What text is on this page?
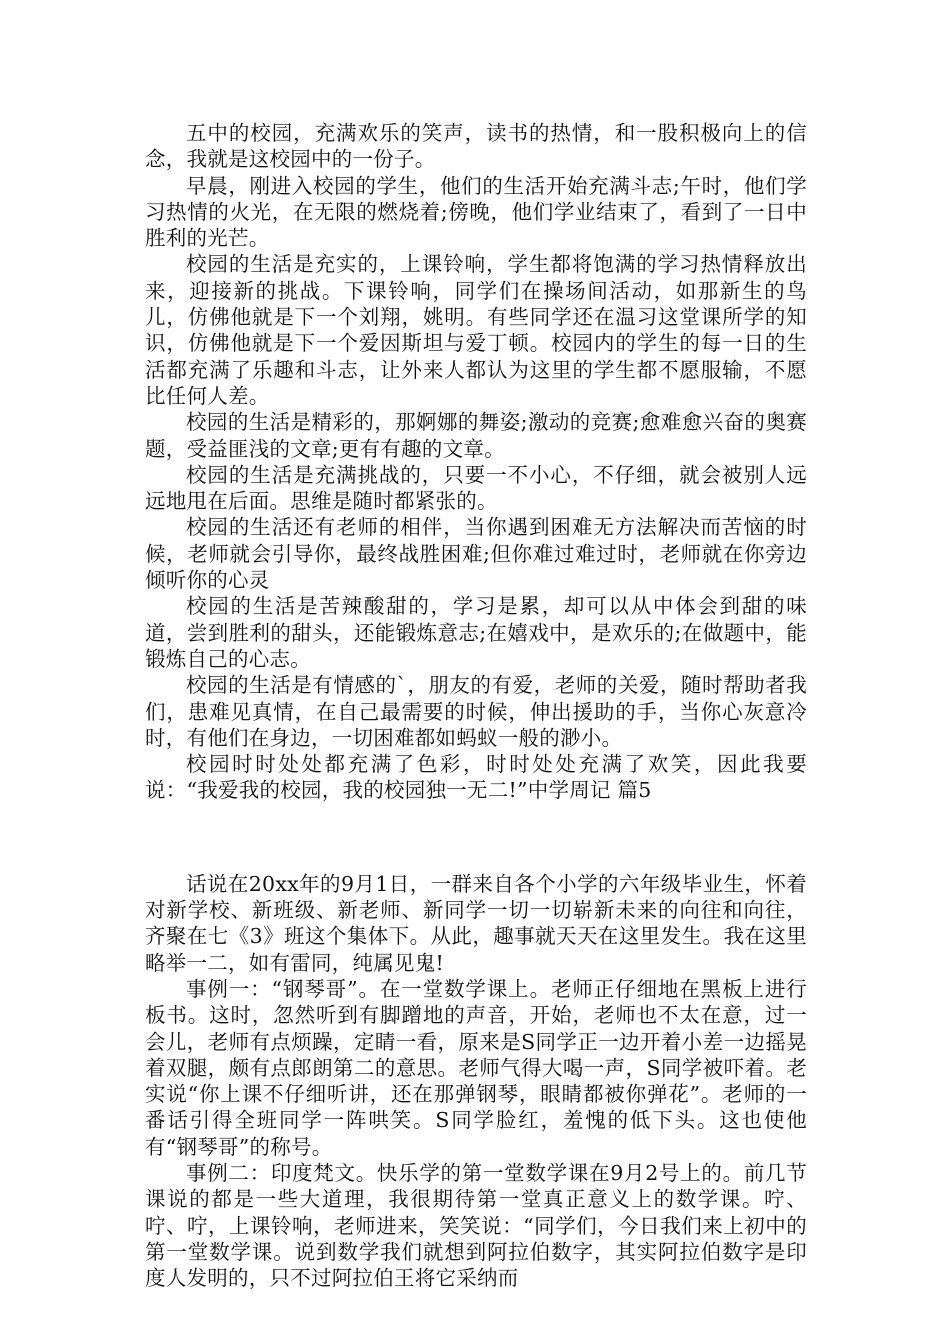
五中的校园，充满欢乐的笑声，读书的热情，和一股积极向上的信念，我就是这校园中的一份子。

早晨，刚进入校园的学生，他们的生活开始充满斗志;午时，他们学习热情的火光，在无限的燃烧着;傍晚，他们学业结束了，看到了一日中胜利的光芒。

校园的生活是充实的，上课铃响，学生都将饱满的学习热情释放出来，迎接新的挑战。下课铃响，同学们在操场间活动，如那新生的鸟儿，仿佛他就是下一个刘翔，姚明。有些同学还在温习这堂课所学的知识，仿佛他就是下一个爱因斯坦与爱丁顿。校园内的学生的每一日的生活都充满了乐趣和斗志，让外来人都认为这里的学生都不愿服输，不愿比任何人差。

校园的生活是精彩的，那婀娜的舞姿;激动的竞赛;愈难愈兴奋的奥赛题，受益匪浅的文章;更有有趣的文章。

校园的生活是充满挑战的，只要一不小心，不仔细，就会被别人远远地甩在后面。思维是随时都紧张的。

校园的生活还有老师的相伴，当你遇到困难无方法解决而苦恼的时候，老师就会引导你，最终战胜困难;但你难过难过时，老师就在你旁边倾听你的心灵

校园的生活是苦辣酸甜的，学习是累，却可以从中体会到甜的味道，尝到胜利的甜头，还能锻炼意志;在嬉戏中，是欢乐的;在做题中，能锻炼自己的心志。

校园的生活是有情感的`，朋友的有爱，老师的关爱，随时帮助者我们，患难见真情，在自己最需要的时候，伸出援助的手，当你心灰意冷时，有他们在身边，一切困难都如蚂蚁一般的渺小。

校园时时处处都充满了色彩，时时处处充满了欢笑，因此我要说：“我爱我的校园，我的校园独一无二!”中学周记 篇5

话说在20xx年的9月1日，一群来自各个小学的六年级毕业生，怀着对新学校、新班级、新老师、新同学一切一切崭新未来的向往和向往，齐聚在七《3》班这个集体下。从此，趣事就天天在这里发生。我在这里略举一二，如有雷同，纯属见鬼!

事例一：“钢琴哥”。在一堂数学课上。老师正仔细地在黑板上进行板书。这时，忽然听到有脚蹭地的声音，开始，老师也不太在意，过一会儿，老师有点烦躁，定睛一看，原来是S同学正一边开着小差一边摇晃着双腿，颇有点郎朗第二的意思。老师气得大喝一声，S同学被吓着。老实说“你上课不仔细听讲，还在那弹钢琴，眼睛都被你弹花”。老师的一番话引得全班同学一阵哄笑。S同学脸红，羞愧的低下头。这也使他有“钢琴哥”的称号。

事例二：印度梵文。快乐学的第一堂数学课在9月2号上的。前几节课说的都是一些大道理，我很期待第一堂真正意义上的数学课。咛、咛、咛，上课铃响，老师进来，笑笑说：“同学们，今日我们来上初中的第一堂数学课。说到数学我们就想到阿拉伯数字，其实阿拉伯数字是印度人发明的，只不过阿拉伯王将它采纳而
